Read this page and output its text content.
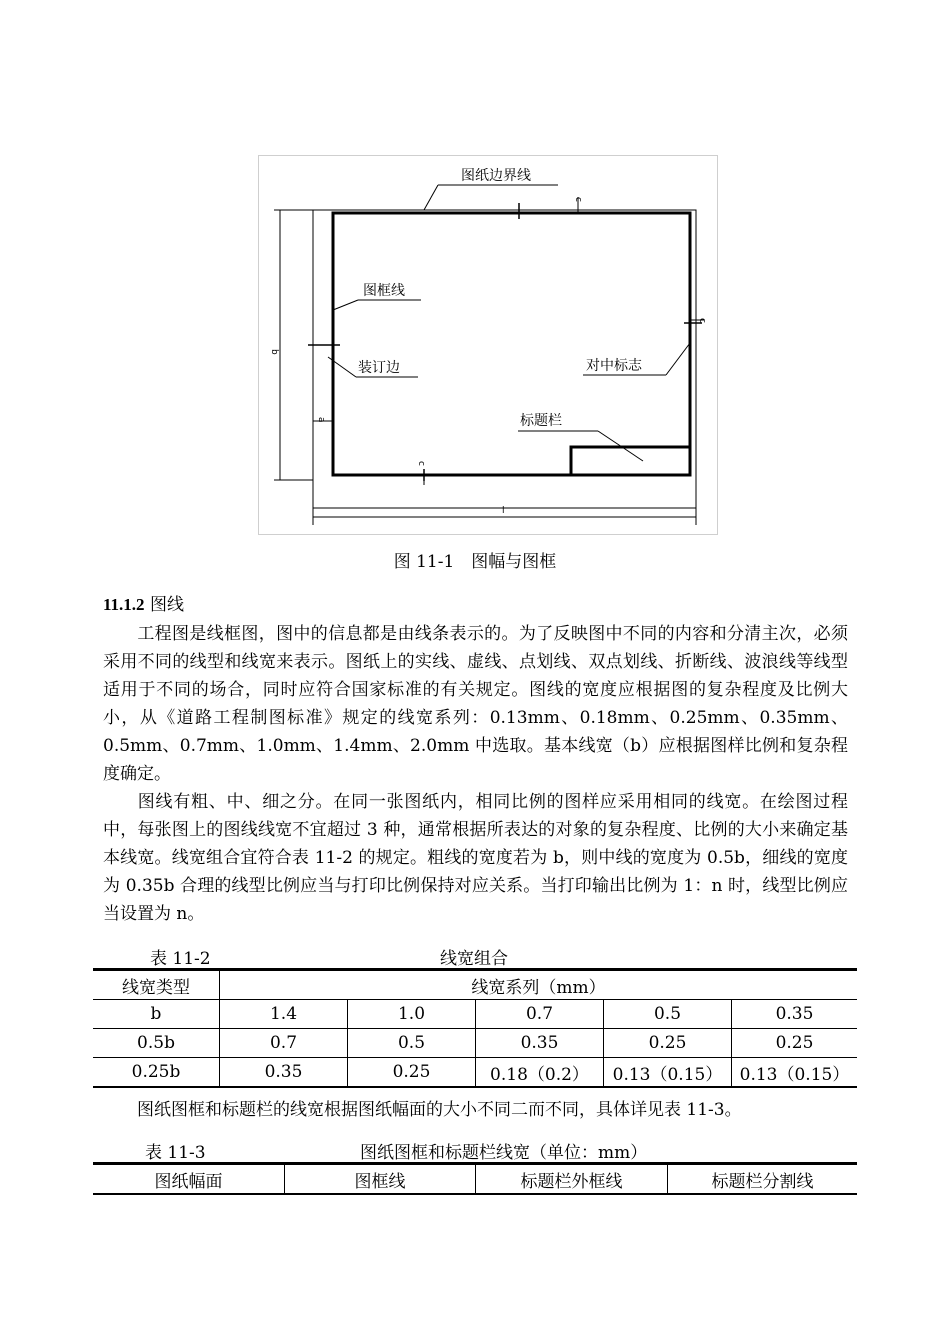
图纸边界线
图框线
装订边	对中标志
标题栏
b
l
a
c
c
c
图 11-1　图幅与图框
11.1.2 图线

  工程图是线框图，图中的信息都是由线条表示的。为了反映图中不同的内容和分清主次，必须采用不同的线型和线宽来表示。图纸上的实线、虚线、点划线、双点划线、折断线、波浪线等线型适用于不同的场合，同时应符合国家标准的有关规定。图线的宽度应根据图的复杂程度及比例大小，从《道路工程制图标准》规定的线宽系列：0.13mm、0.18mm、0.25mm、0.35mm、0.5mm、0.7mm、1.0mm、1.4mm、2.0mm 中选取。基本线宽（b）应根据图样比例和复杂程度确定。

  图线有粗、中、细之分。在同一张图纸内，相同比例的图样应采用相同的线宽。在绘图过程中，每张图上的图线线宽不宜超过 3 种，通常根据所表达的对象的复杂程度、比例的大小来确定基本线宽。线宽组合宜符合表 11-2 的规定。粗线的宽度若为 b，则中线的宽度为 0.5b，细线的宽度为 0.35b 合理的线型比例应当与打印比例保持对应关系。当打印输出比例为 1：n 时，线型比例应当设置为 n。

表 11-2	线宽组合
线宽类型	线宽系列（mm）				
b	1.4	1.0	0.7	0.5	0.35
0.5b	0.7	0.5	0.35	0.25	0.25
0.25b	0.35	0.25	0.18（0.2）	0.13（0.15）	0.13（0.15）

  图纸图框和标题栏的线宽根据图纸幅面的大小不同二而不同，具体详见表 11-3。

表 11-3	图纸图框和标题栏线宽（单位：mm）
图纸幅面	图框线	标题栏外框线	标题栏分割线
